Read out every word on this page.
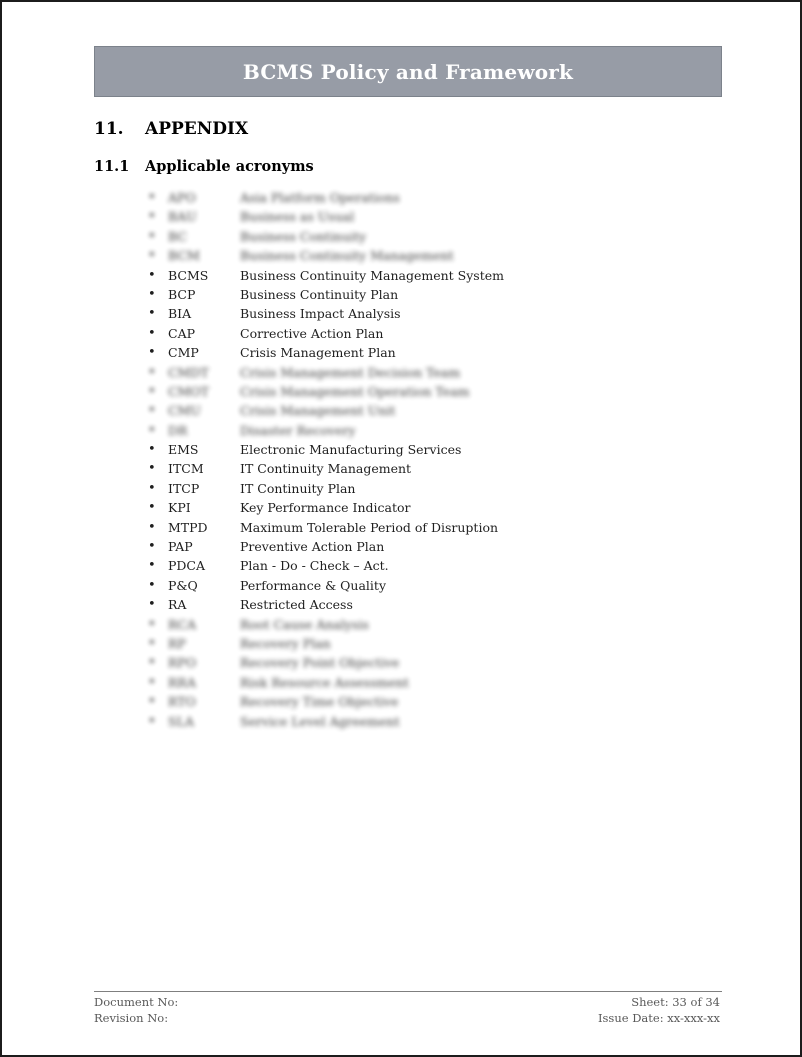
BCMS Policy and Framework
11. APPENDIX
11.1 Applicable acronyms
• APO	Asia Platform Operations
• BAU	Business as Usual
• BC	Business Continuity
• BCM	Business Continuity Management
• BCMS	Business Continuity Management System
• BCP	Business Continuity Plan
• BIA	Business Impact Analysis
• CAP	Corrective Action Plan
• CMP	Crisis Management Plan
• CMDT	Crisis Management Decision Team
• CMOT Crisis Management Operation Team
• CMU	Crisis Management Unit
• DR	Disaster Recovery
• EMS	Electronic Manufacturing Services
• ITCM	IT Continuity Management
• ITCP	IT Continuity Plan
• KPI	Key Performance Indicator
• MTPD	Maximum Tolerable Period of Disruption
• PAP	Preventive Action Plan
• PDCA	Plan - Do - Check – Act.
• P&Q	Performance & Quality
• RA	Restricted Access
• RCA	Root Cause Analysis
• RP	Recovery Plan
• RPO	Recovery Point Objective
• RRA	Risk Resource Assessment
• RTO	Recovery Time Objective
• SLA	Service Level Agreement
Document No:
Revision No:
Sheet: 33 of 34
Issue Date: xx-xxx-xx
